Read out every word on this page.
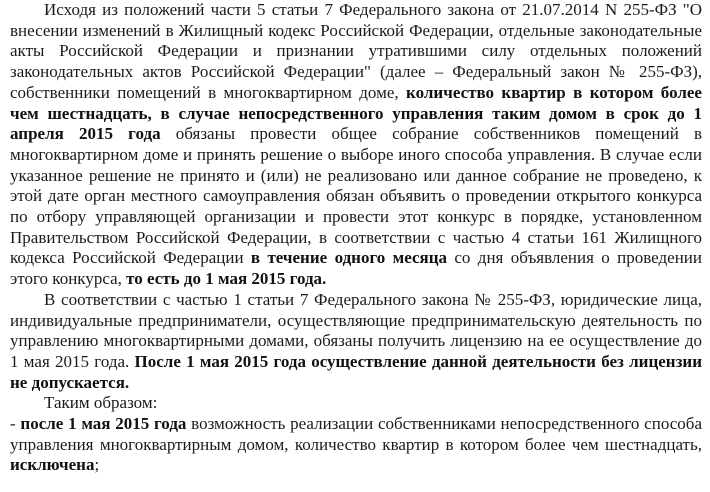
Исходя из положений части 5 статьи 7 Федерального закона от 21.07.2014 N 255-ФЗ "О внесении изменений в Жилищный кодекс Российской Федерации, отдельные законодательные акты Российской Федерации и признании утратившими силу отдельных положений законодательных актов Российской Федерации" (далее – Федеральный закон № 255-ФЗ), собственники помещений в многоквартирном доме, количество квартир в котором более чем шестнадцать, в случае непосредственного управления таким домом в срок до 1 апреля 2015 года обязаны провести общее собрание собственников помещений в многоквартирном доме и принять решение о выборе иного способа управления. В случае если указанное решение не принято и (или) не реализовано или данное собрание не проведено, к этой дате орган местного самоуправления обязан объявить о проведении открытого конкурса по отбору управляющей организации и провести этот конкурс в порядке, установленном Правительством Российской Федерации, в соответствии с частью 4 статьи 161 Жилищного кодекса Российской Федерации в течение одного месяца со дня объявления о проведении этого конкурса, то есть до 1 мая 2015 года.

В соответствии с частью 1 статьи 7 Федерального закона № 255-ФЗ, юридические лица, индивидуальные предприниматели, осуществляющие предпринимательскую деятельность по управлению многоквартирными домами, обязаны получить лицензию на ее осуществление до 1 мая 2015 года. После 1 мая 2015 года осуществление данной деятельности без лицензии не допускается.

Таким образом:

- после 1 мая 2015 года возможность реализации собственниками непосредственного способа управления многоквартирным домом, количество квартир в котором более чем шестнадцать, исключена;
